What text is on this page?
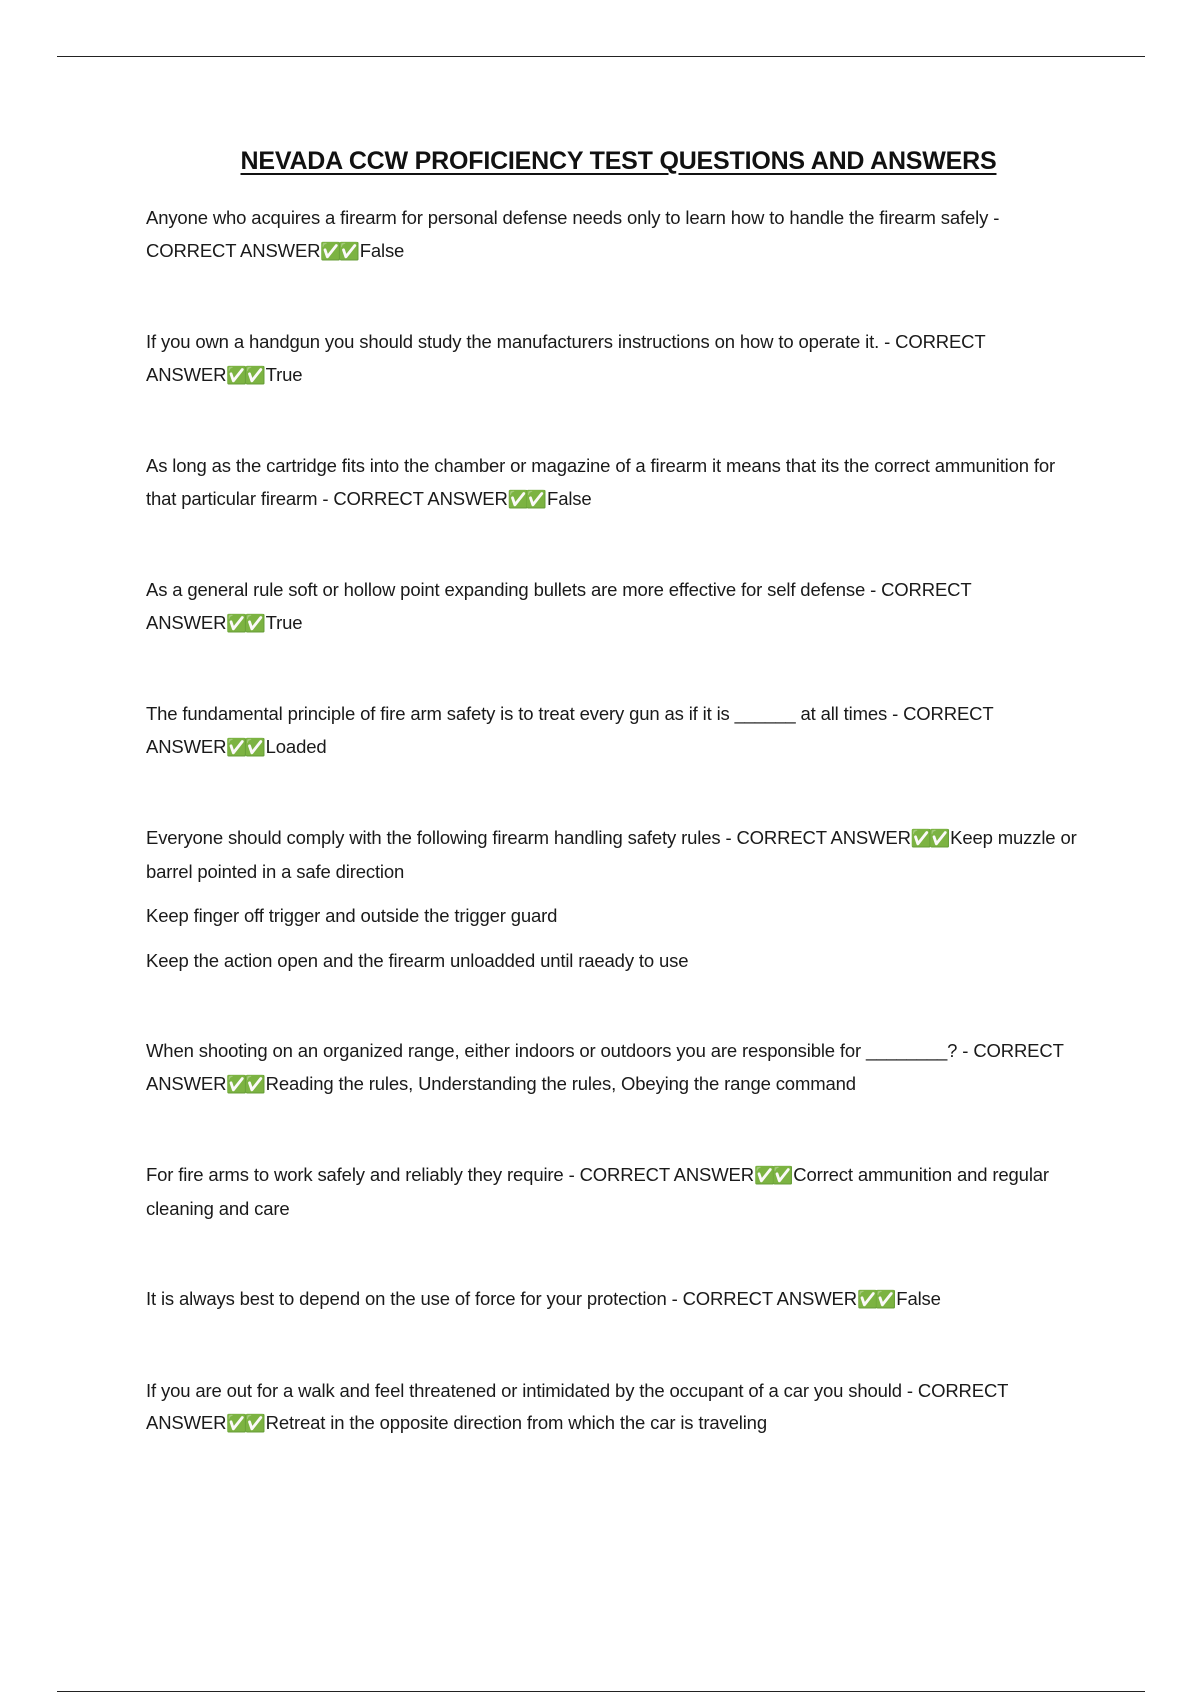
NEVADA CCW PROFICIENCY TEST QUESTIONS AND ANSWERS

Anyone who acquires a firearm for personal defense needs only to learn how to handle the firearm safely - CORRECT ANSWER✅✅ False

If you own a handgun you should study the manufacturers instructions on how to operate it. - CORRECT ANSWER✅✅ True

As long as the cartridge fits into the chamber or magazine of a firearm it means that its the correct ammunition for that particular firearm - CORRECT ANSWER✅✅ False

As a general rule soft or hollow point expanding bullets are more effective for self defense - CORRECT ANSWER✅✅ True

The fundamental principle of fire arm safety is to treat every gun as if it is ______ at all times - CORRECT ANSWER✅✅ Loaded

Everyone should comply with the following firearm handling safety rules - CORRECT ANSWER✅✅ Keep muzzle or barrel pointed in a safe direction
Keep finger off trigger and outside the trigger guard
Keep the action open and the firearm unloadded until raeady to use

When shooting on an organized range, either indoors or outdoors you are responsible for ________? - CORRECT ANSWER✅✅ Reading the rules, Understanding the rules, Obeying the range command

For fire arms to work safely and reliably they require - CORRECT ANSWER✅✅ Correct ammunition and regular cleaning and care

It is always best to depend on the use of force for your protection - CORRECT ANSWER✅✅ False

If you are out for a walk and feel threatened or intimidated by the occupant of a car you should - CORRECT ANSWER✅✅ Retreat in the opposite direction from which the car is traveling
